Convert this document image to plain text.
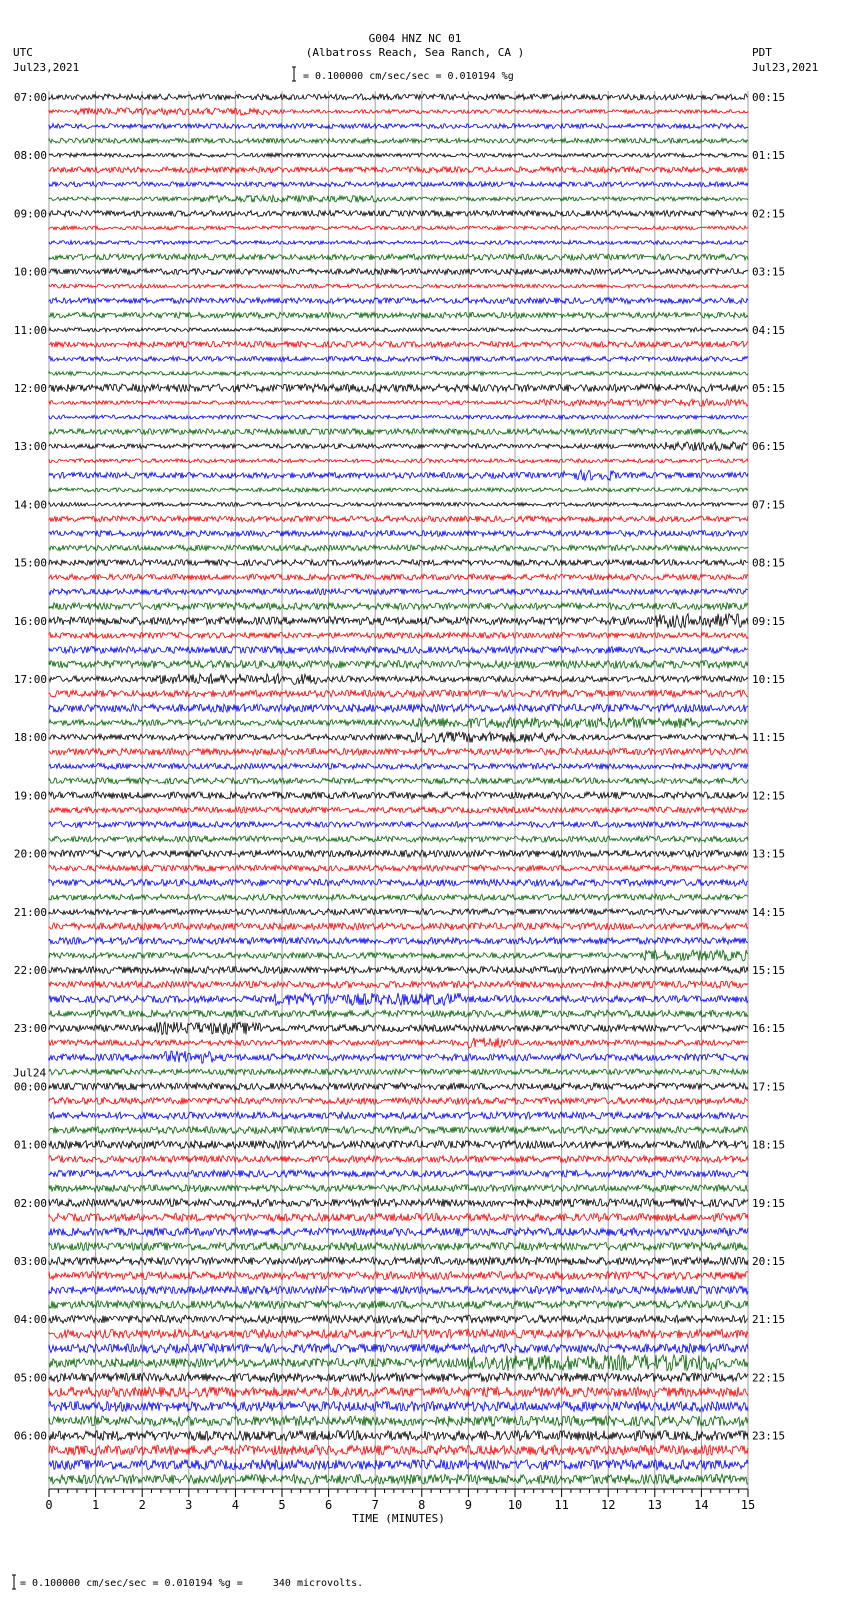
G004 HNZ NC 01
(Albatross Reach, Sea Ranch, CA )
UTC
Jul23,2021
PDT
Jul23,2021
= 0.100000 cm/sec/sec = 0.010194 %g
= 0.100000 cm/sec/sec = 0.010194 %g =     340 microvolts.
07:00
08:00
09:00
10:00
11:00
12:00
13:00
14:00
15:00
16:00
17:00
18:00
19:00
20:00
21:00
22:00
23:00
00:00
01:00
02:00
03:00
04:00
05:00
06:00
00:15
01:15
02:15
03:15
04:15
05:15
06:15
07:15
08:15
09:15
10:15
11:15
12:15
13:15
14:15
15:15
16:15
17:15
18:15
19:15
20:15
21:15
22:15
23:15
Jul24
0	1	2	3	4	5	6	7	8	9	10	11	12	13	14	15
TIME (MINUTES)
